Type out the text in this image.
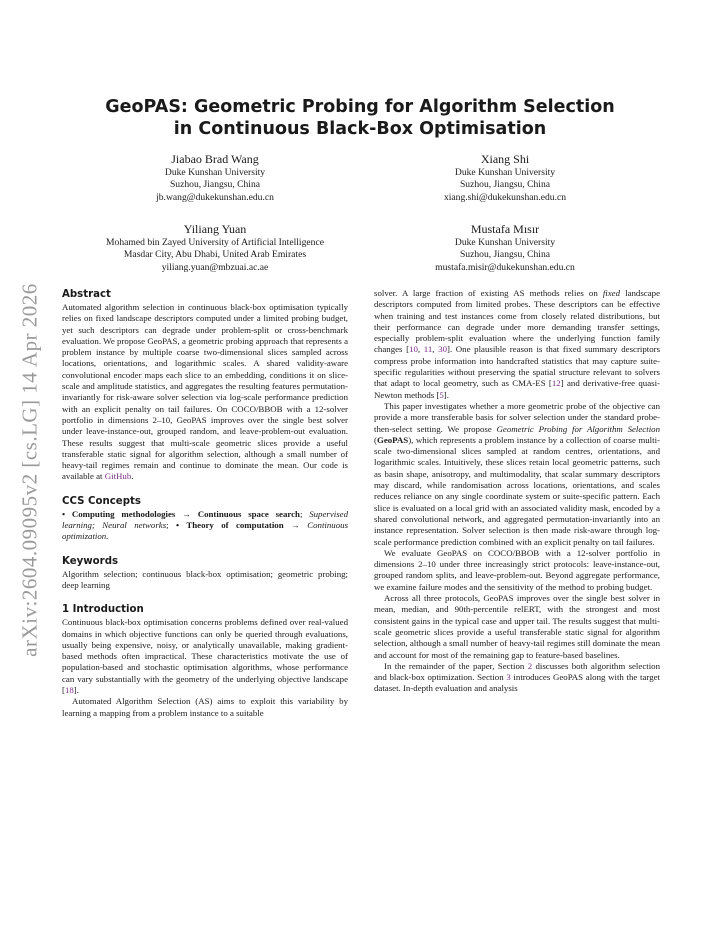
arXiv:2604.09095v2 [cs.LG] 14 Apr 2026
GeoPAS: Geometric Probing for Algorithm Selection
in Continuous Black-Box Optimisation
Jiabao Brad Wang
Duke Kunshan University
Suzhou, Jiangsu, China
jb.wang@dukekunshan.edu.cn
Xiang Shi
Duke Kunshan University
Suzhou, Jiangsu, China
xiang.shi@dukekunshan.edu.cn
Yiliang Yuan
Mohamed bin Zayed University of Artificial Intelligence
Masdar City, Abu Dhabi, United Arab Emirates
yiliang.yuan@mbzuai.ac.ae
Mustafa Mısır
Duke Kunshan University
Suzhou, Jiangsu, China
mustafa.misir@dukekunshan.edu.cn
Abstract

Automated algorithm selection in continuous black-box optimisation typically relies on fixed landscape descriptors computed under a limited probing budget, yet such descriptors can degrade under problem-split or cross-benchmark evaluation. We propose GeoPAS, a geometric probing approach that represents a problem instance by multiple coarse two-dimensional slices sampled across locations, orientations, and logarithmic scales. A shared validity-aware convolutional encoder maps each slice to an embedding, conditions it on slice-scale and amplitude statistics, and aggregates the resulting features permutation-invariantly for risk-aware solver selection via log-scale performance prediction with an explicit penalty on tail failures. On COCO/BBOB with a 12-solver portfolio in dimensions 2–10, GeoPAS improves over the single best solver under leave-instance-out, grouped random, and leave-problem-out evaluation. These results suggest that multi-scale geometric slices provide a useful transferable static signal for algorithm selection, although a small number of heavy-tail regimes remain and continue to dominate the mean. Our code is available at GitHub.

CCS Concepts

• Computing methodologies → Continuous space search; Supervised learning; Neural networks; • Theory of computation → Continuous optimization.

Keywords

Algorithm selection; continuous black-box optimisation; geometric probing; deep learning

1 Introduction

Continuous black-box optimisation concerns problems defined over real-valued domains in which objective functions can only be queried through evaluations, usually being expensive, noisy, or analytically unavailable, making gradient-based methods often impractical. These characteristics motivate the use of population-based and stochastic optimisation algorithms, whose performance can vary substantially with the geometry of the underlying objective landscape [18].

Automated Algorithm Selection (AS) aims to exploit this variability by learning a mapping from a problem instance to a suitable

solver. A large fraction of existing AS methods relies on fixed landscape descriptors computed from limited probes. These descriptors can be effective when training and test instances come from closely related distributions, but their performance can degrade under more demanding transfer settings, especially problem-split evaluation where the underlying function family changes [10, 11, 30]. One plausible reason is that fixed summary descriptors compress probe information into handcrafted statistics that may capture suite-specific regularities without preserving the spatial structure relevant to solvers that adapt to local geometry, such as CMA-ES [12] and derivative-free quasi-Newton methods [5].

This paper investigates whether a more geometric probe of the objective can provide a more transferable basis for solver selection under the standard probe-then-select setting. We propose Geometric Probing for Algorithm Selection (GeoPAS), which represents a problem instance by a collection of coarse multi-scale two-dimensional slices sampled at random centres, orientations, and logarithmic scales. Intuitively, these slices retain local geometric patterns, such as basin shape, anisotropy, and multimodality, that scalar summary descriptors may discard, while randomisation across locations, orientations, and scales reduces reliance on any single coordinate system or suite-specific pattern. Each slice is evaluated on a local grid with an associated validity mask, encoded by a shared convolutional network, and aggregated permutation-invariantly into an instance representation. Solver selection is then made risk-aware through log-scale performance prediction combined with an explicit penalty on tail failures.

We evaluate GeoPAS on COCO/BBOB with a 12-solver portfolio in dimensions 2–10 under three increasingly strict protocols: leave-instance-out, grouped random splits, and leave-problem-out. Beyond aggregate performance, we examine failure modes and the sensitivity of the method to probing budget.

Across all three protocols, GeoPAS improves over the single best solver in mean, median, and 90th-percentile relERT, with the strongest and most consistent gains in the typical case and upper tail. The results suggest that multi-scale geometric slices provide a useful transferable static signal for algorithm selection, although a small number of heavy-tail regimes still dominate the mean and account for most of the remaining gap to feature-based baselines.

In the remainder of the paper, Section 2 discusses both algorithm selection and black-box optimization. Section 3 introduces GeoPAS along with the target dataset. In-depth evaluation and analysis
